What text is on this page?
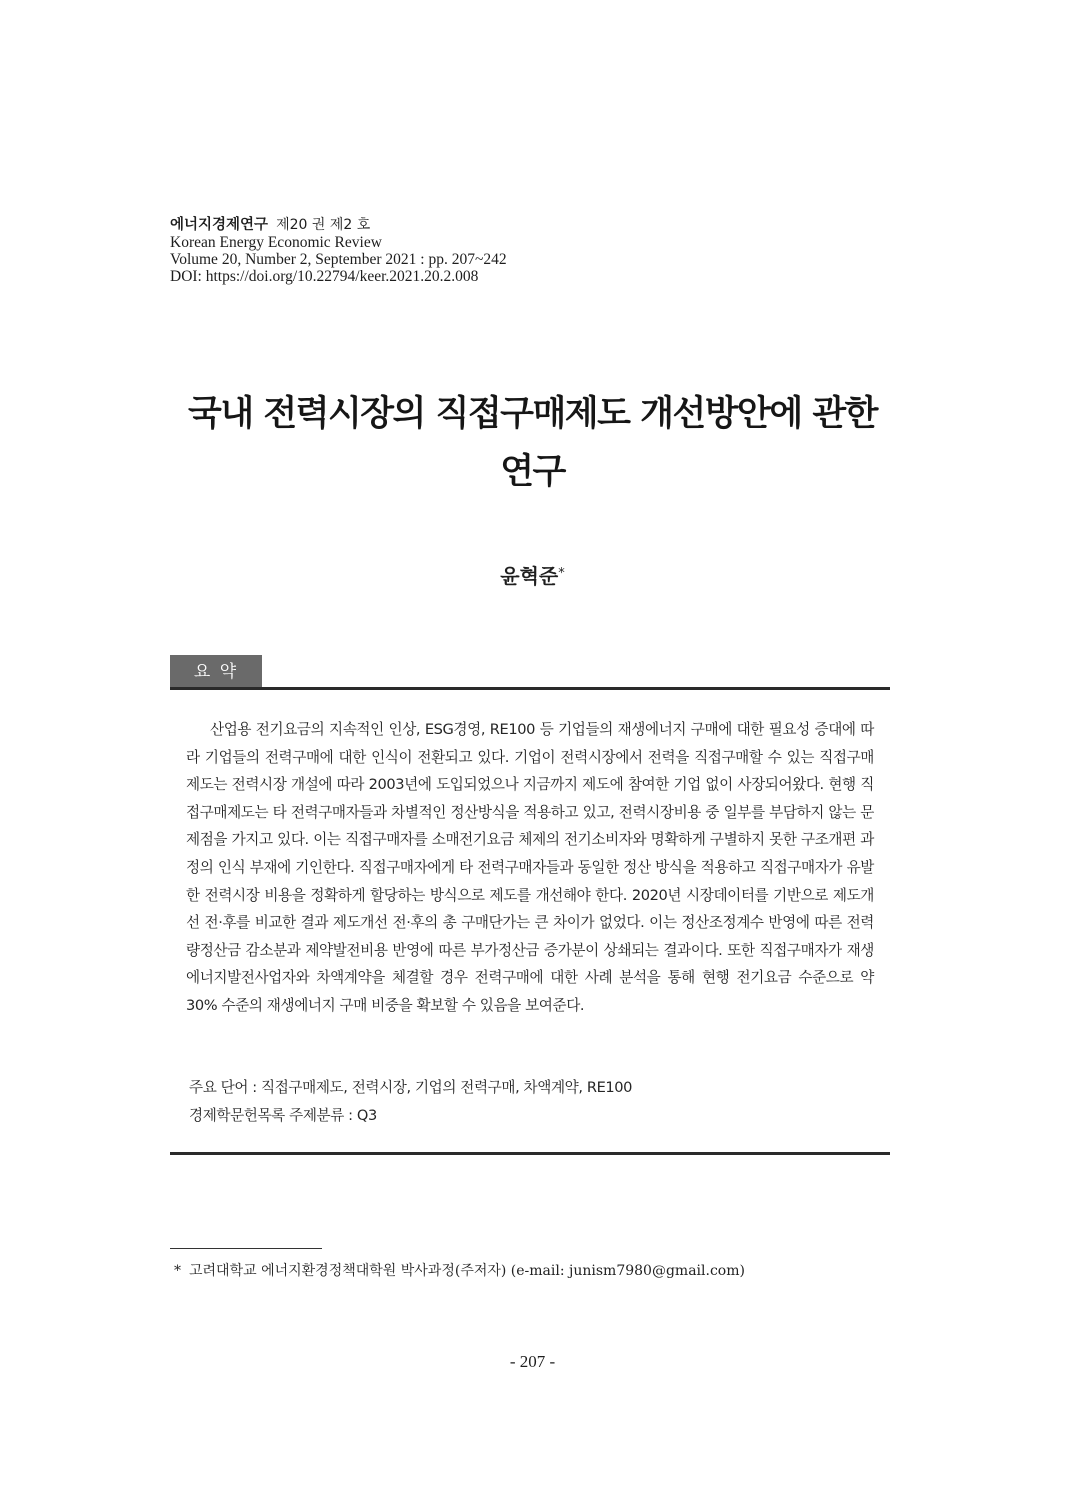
에너지경제연구 제20 권 제2 호
Korean Energy Economic Review
Volume 20, Number 2, September 2021 : pp. 207~242
DOI: https://doi.org/10.22794/keer.2021.20.2.008
국내 전력시장의 직접구매제도 개선방안에 관한
연구
윤혁준*
요 약

산업용 전기요금의 지속적인 인상, ESG경영, RE100 등 기업들의 재생에너지 구매에 대한 필요성 증대에 따라 기업들의 전력구매에 대한 인식이 전환되고 있다. 기업이 전력시장에서 전력을 직접구매할 수 있는 직접구매제도는 전력시장 개설에 따라 2003년에 도입되었으나 지금까지 제도에 참여한 기업 없이 사장되어왔다. 현행 직접구매제도는 타 전력구매자들과 차별적인 정산방식을 적용하고 있고, 전력시장비용 중 일부를 부담하지 않는 문제점을 가지고 있다. 이는 직접구매자를 소매전기요금 체제의 전기소비자와 명확하게 구별하지 못한 구조개편 과정의 인식 부재에 기인한다. 직접구매자에게 타 전력구매자들과 동일한 정산 방식을 적용하고 직접구매자가 유발한 전력시장 비용을 정확하게 할당하는 방식으로 제도를 개선해야 한다. 2020년 시장데이터를 기반으로 제도개선 전·후를 비교한 결과 제도개선 전·후의 총 구매단가는 큰 차이가 없었다. 이는 정산조정계수 반영에 따른 전력량정산금 감소분과 제약발전비용 반영에 따른 부가정산금 증가분이 상쇄되는 결과이다. 또한 직접구매자가 재생에너지발전사업자와 차액계약을 체결할 경우 전력구매에 대한 사례 분석을 통해 현행 전기요금 수준으로 약 30% 수준의 재생에너지 구매 비중을 확보할 수 있음을 보여준다.

주요 단어 : 직접구매제도, 전력시장, 기업의 전력구매, 차액계약, RE100
경제학문헌목록 주제분류 : Q3
* 고려대학교 에너지환경정책대학원 박사과정(주저자) (e-mail: junism7980@gmail.com)
- 207 -
